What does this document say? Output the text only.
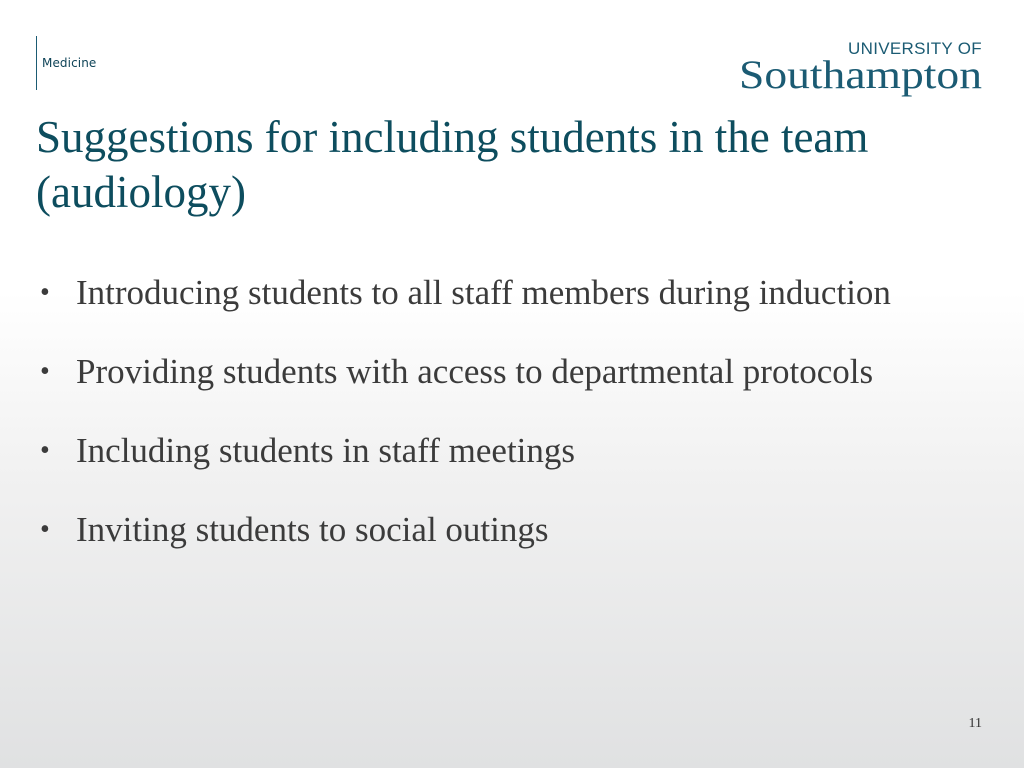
Medicine
UNIVERSITY OF
Southampton
Suggestions for including students in the team (audiology)
• Introducing students to all staff members during induction
• Providing students with access to departmental protocols
• Including students in staff meetings
• Inviting students to social outings
11
